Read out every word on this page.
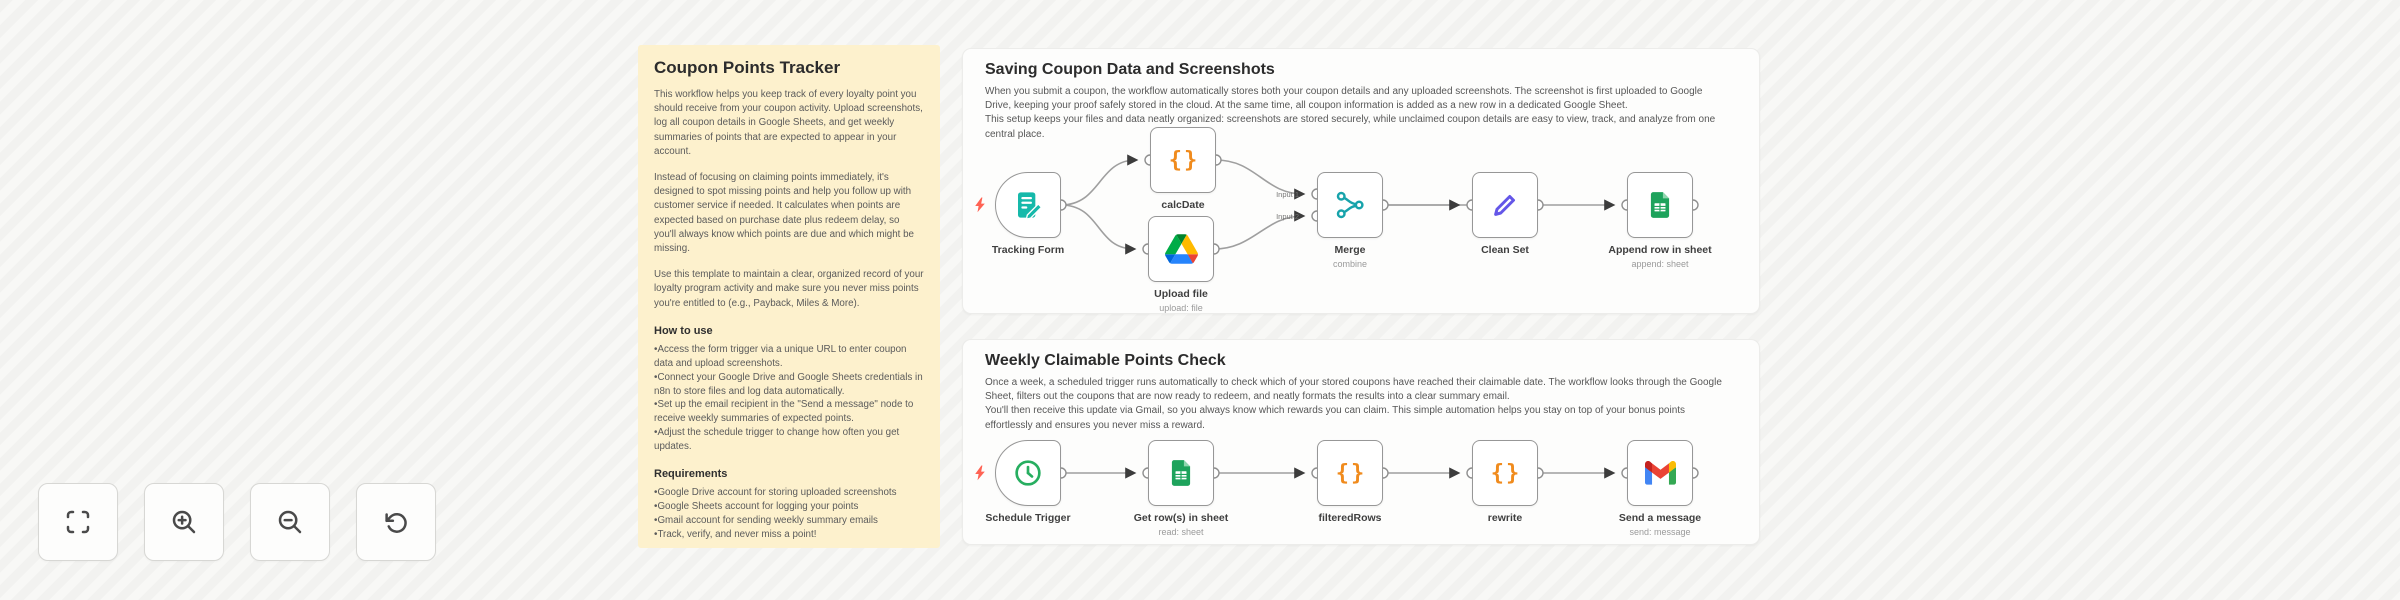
Coupon Points Tracker

This workflow helps you keep track of every loyalty point you should receive from your coupon activity. Upload screenshots, log all coupon details in Google Sheets, and get weekly summaries of points that are expected to appear in your account.

Instead of focusing on claiming points immediately, it's designed to spot missing points and help you follow up with customer service if needed. It calculates when points are expected based on purchase date plus redeem delay, so you'll always know which points are due and which might be missing.

Use this template to maintain a clear, organized record of your loyalty program activity and make sure you never miss points you're entitled to (e.g., Payback, Miles & More).

How to use
• Access the form trigger via a unique URL to enter coupon data and upload screenshots.
• Connect your Google Drive and Google Sheets credentials in n8n to store files and log data automatically.
• Set up the email recipient in the "Send a message" node to receive weekly summaries of expected points.
• Adjust the schedule trigger to change how often you get updates.
Requirements
• Google Drive account for storing uploaded screenshots
• Google Sheets account for logging your points
• Gmail account for sending weekly summary emails
• Track, verify, and never miss a point!
Saving Coupon Data and Screenshots

When you submit a coupon, the workflow automatically stores both your coupon details and any uploaded screenshots. The screenshot is first uploaded to Google Drive, keeping your proof safely stored in the cloud. At the same time, all coupon information is added as a new row in a dedicated Google Sheet.

This setup keeps your files and data neatly organized: screenshots are stored securely, while unclaimed coupon details are easy to view, track, and analyze from one central place.

Weekly Claimable Points Check

Once a week, a scheduled trigger runs automatically to check which of your stored coupons have reached their claimable date. The workflow looks through the Google Sheet, filters out the coupons that are now ready to redeem, and neatly formats the results into a clear summary email.

You'll then receive this update via Gmail, so you always know which rewards you can claim. This simple automation helps you stay on top of your bonus points effortlessly and ensures you never miss a reward.

Input 1
Input 2
Tracking Form
{}
calcDate
Upload file
upload: file
Merge
combine
Clean Set	Append row in sheet
append: sheet
Schedule Trigger	Get row(s) in sheet
read: sheet
{}
filteredRows
{}
rewrite	Send a message
send: message
